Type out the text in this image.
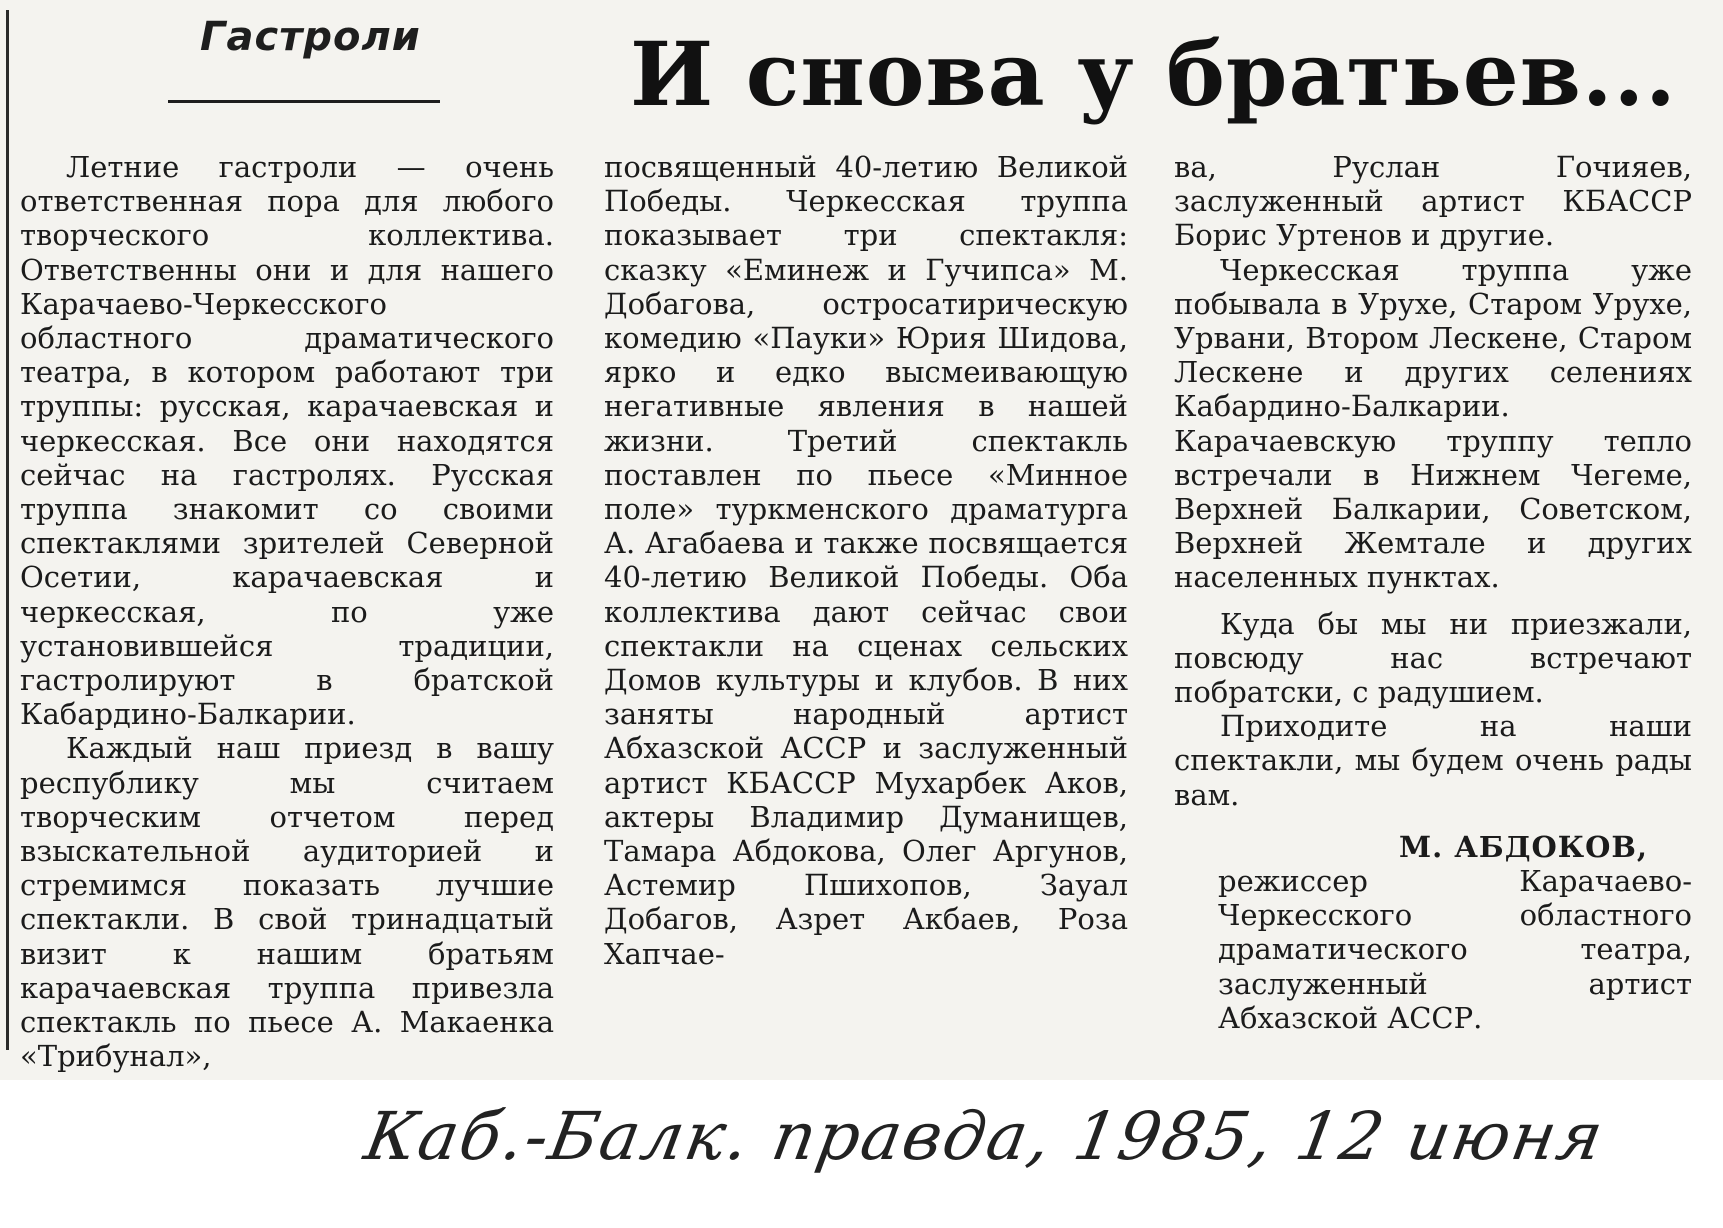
Гастроли И снова у братьев...

Летние гастроли — очень ответственная пора для любого творческого коллектива. Ответственны они и для нашего Карачаево-Черкесского областного драматического театра, в котором работают три труппы: русская, карачаевская и черкесская. Все они находятся сейчас на гастролях. Русская труппа знакомит со своими спектаклями зрителей Северной Осетии, карачаевская и черкесская, по уже установившейся традиции, гастролируют в братской Кабардино-Балкарии.

Каждый наш приезд в вашу республику мы считаем творческим отчетом перед взыскательной аудиторией и стремимся показать лучшие спектакли. В свой тринадцатый визит к нашим братьям карачаевская труппа привезла спектакль по пьесе А. Макаенка «Трибунал»,

посвященный 40-летию Великой Победы. Черкесская труппа показывает три спектакля: сказку «Еминеж и Гучипса» М. Добагова, остросатирическую комедию «Пауки» Юрия Шидова, ярко и едко высмеивающую негативные явления в нашей жизни. Третий спектакль поставлен по пьесе «Минное поле» туркменского драматурга А. Агабаева и также посвящается 40-летию Великой Победы. Оба коллектива дают сейчас свои спектакли на сценах сельских Домов культуры и клубов. В них заняты народный артист Абхазской АССР и заслуженный артист КБАССР Мухарбек Аков, актеры Владимир Думанищев, Тамара Абдокова, Олег Аргунов, Астемир Пшихопов, Зауал Добагов, Азрет Акбаев, Роза Хапчае-

ва, Руслан Гочияев, заслуженный артист КБАССР Борис Уртенов и другие.

Черкесская труппа уже побывала в Урухе, Старом Урухе, Урвани, Втором Лескене, Старом Лескене и других селениях Кабардино-Балкарии. Карачаевскую труппу тепло встречали в Нижнем Чегеме, Верхней Балкарии, Советском, Верхней Жемтале и других населенных пунктах.

Куда бы мы ни приезжали, повсюду нас встречают побратски, с радушием.

Приходите на наши спектакли, мы будем очень рады вам.

М. АБДОКОВ,
режиссер Карачаево-Черкесского областного драматического театра, заслуженный артист Абхазской АССР.
Каб.-Балк. правда, 1985, 12 июня
